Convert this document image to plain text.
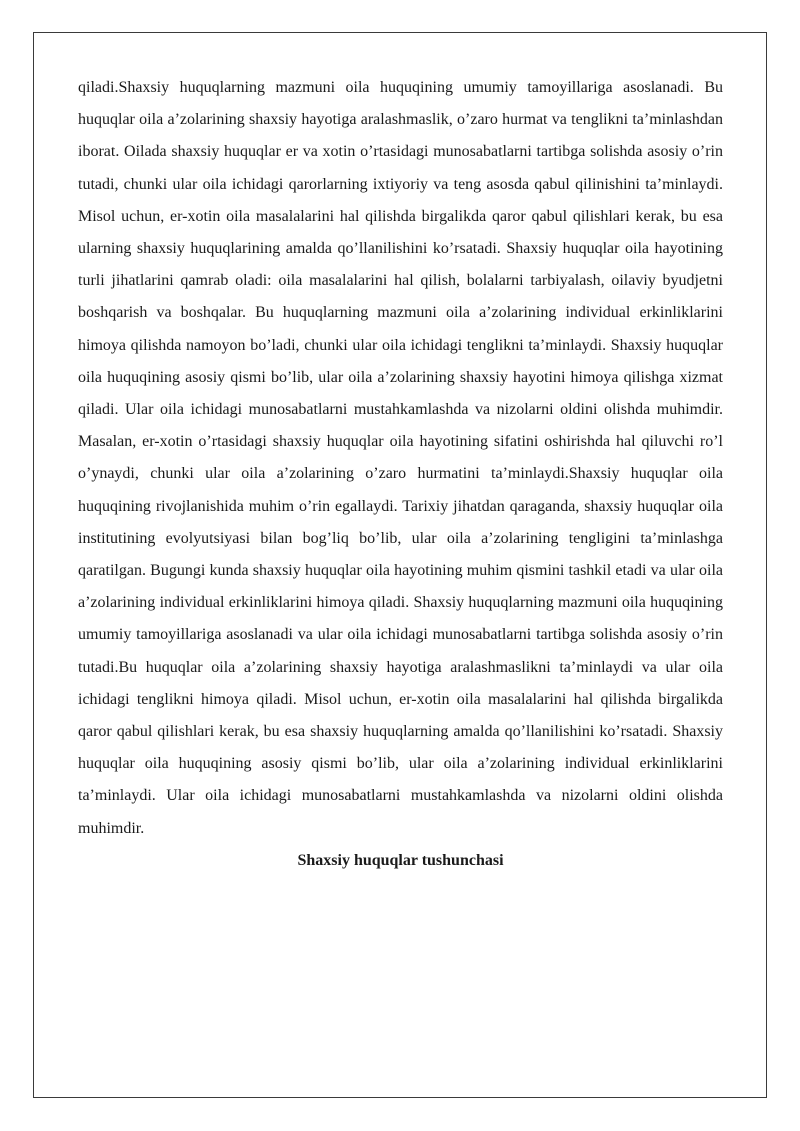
qiladi.Shaxsiy huquqlarning mazmuni oila huquqining umumiy tamoyillariga asoslanadi. Bu huquqlar oila a’zolarining shaxsiy hayotiga aralashmaslik, o’zaro hurmat va tenglikni ta’minlashdan iborat. Oilada shaxsiy huquqlar er va xotin o’rtasidagi munosabatlarni tartibga solishda asosiy o’rin tutadi, chunki ular oila ichidagi qarorlarning ixtiyoriy va teng asosda qabul qilinishini ta’minlaydi. Misol uchun, er-xotin oila masalalarini hal qilishda birgalikda qaror qabul qilishlari kerak, bu esa ularning shaxsiy huquqlarining amalda qo’llanilishini ko’rsatadi. Shaxsiy huquqlar oila hayotining turli jihatlarini qamrab oladi: oila masalalarini hal qilish, bolalarni tarbiyalash, oilaviy byudjetni boshqarish va boshqalar. Bu huquqlarning mazmuni oila a’zolarining individual erkinliklarini himoya qilishda namoyon bo’ladi, chunki ular oila ichidagi tenglikni ta’minlaydi. Shaxsiy huquqlar oila huquqining asosiy qismi bo’lib, ular oila a’zolarining shaxsiy hayotini himoya qilishga xizmat qiladi. Ular oila ichidagi munosabatlarni mustahkamlashda va nizolarni oldini olishda muhimdir. Masalan, er-xotin o’rtasidagi shaxsiy huquqlar oila hayotining sifatini oshirishda hal qiluvchi ro’l o’ynaydi, chunki ular oila a’zolarining o’zaro hurmatini ta’minlaydi.Shaxsiy huquqlar oila huquqining rivojlanishida muhim o’rin egallaydi. Tarixiy jihatdan qaraganda, shaxsiy huquqlar oila institutining evolyutsiyasi bilan bog’liq bo’lib, ular oila a’zolarining tengligini ta’minlashga qaratilgan. Bugungi kunda shaxsiy huquqlar oila hayotining muhim qismini tashkil etadi va ular oila a’zolarining individual erkinliklarini himoya qiladi. Shaxsiy huquqlarning mazmuni oila huquqining umumiy tamoyillariga asoslanadi va ular oila ichidagi munosabatlarni tartibga solishda asosiy o’rin tutadi.Bu huquqlar oila a’zolarining shaxsiy hayotiga aralashmaslikni ta’minlaydi va ular oila ichidagi tenglikni himoya qiladi. Misol uchun, er-xotin oila masalalarini hal qilishda birgalikda qaror qabul qilishlari kerak, bu esa shaxsiy huquqlarning amalda qo’llanilishini ko’rsatadi. Shaxsiy huquqlar oila huquqining asosiy qismi bo’lib, ular oila a’zolarining individual erkinliklarini ta’minlaydi. Ular oila ichidagi munosabatlarni mustahkamlashda va nizolarni oldini olishda muhimdir.

Shaxsiy huquqlar tushunchasi
